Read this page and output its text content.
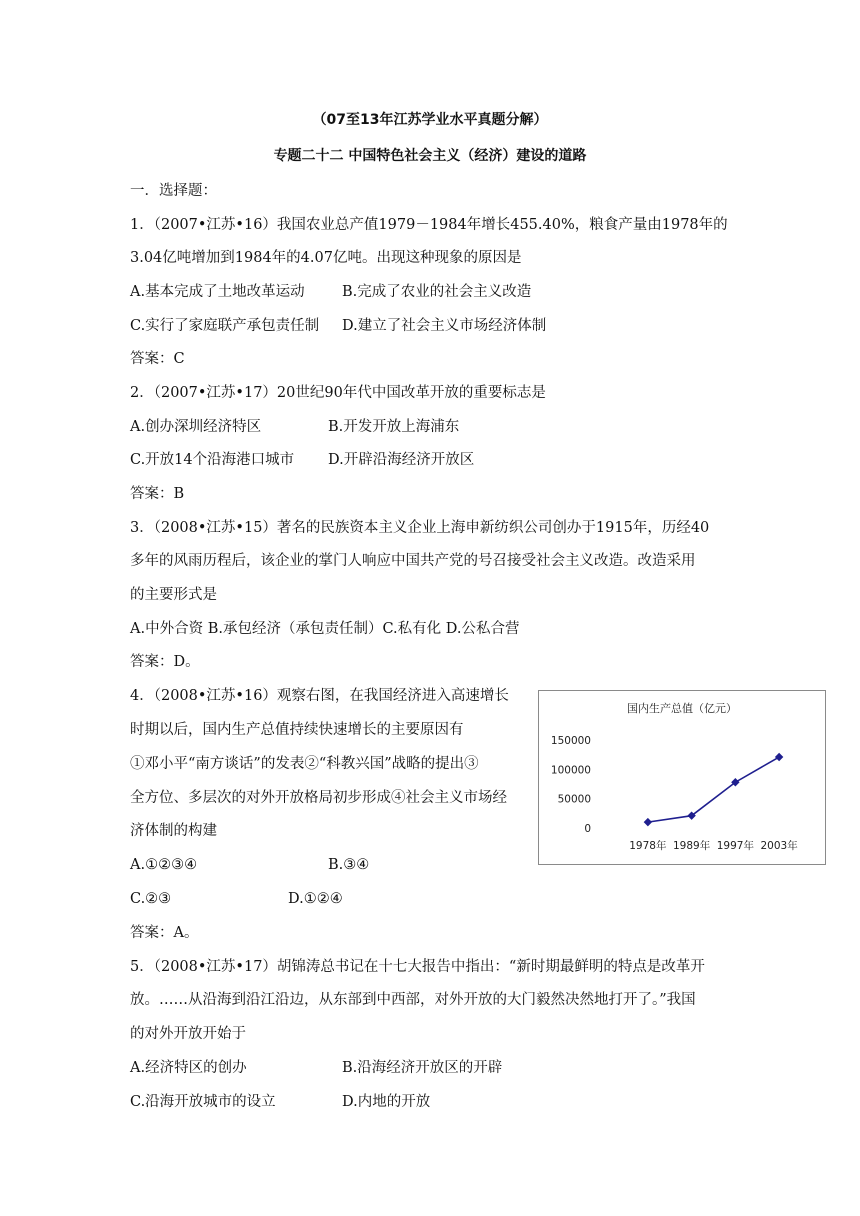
（07至13年江苏学业水平真题分解）
专题二十二 中国特色社会主义（经济）建设的道路
一．选择题：
1．（2007•江苏•16）我国农业总产值1979－1984年增长455.40%，粮食产量由1978年的
3.04亿吨增加到1984年的4.07亿吨。出现这种现象的原因是
A.基本完成了土地改革运动	B.完成了农业的社会主义改造
C.实行了家庭联产承包责任制 D.建立了社会主义市场经济体制
答案：C
2．（2007•江苏•17）20世纪90年代中国改革开放的重要标志是
A.创办深圳经济特区	B.开发开放上海浦东
C.开放14个沿海港口城市 D.开辟沿海经济开放区
答案：B
3．（2008•江苏•15）著名的民族资本主义企业上海申新纺织公司创办于1915年，历经40
多年的风雨历程后，该企业的掌门人响应中国共产党的号召接受社会主义改造。改造采用
的主要形式是
A.中外合资 B.承包经济（承包责任制）C.私有化 D.公私合营
答案：D。
4．（2008•江苏•16）观察右图，在我国经济进入高速增长
时期以后，国内生产总值持续快速增长的主要原因有
①邓小平“南方谈话”的发表②“科教兴国”战略的提出③
全方位、多层次的对外开放格局初步形成④社会主义市场经
济体制的构建
A.①②③④	B.③④
C.②③	D.①②④
答案：A。
国内生产总值（亿元）
150000
100000
50000
0
1978年 1989年 1997年 2003年
5．（2008•江苏•17）胡锦涛总书记在十七大报告中指出：“新时期最鲜明的特点是改革开
放。……从沿海到沿江沿边，从东部到中西部，对外开放的大门毅然决然地打开了。”我国
的对外开放开始于
A.经济特区的创办	B.沿海经济开放区的开辟
C.沿海开放城市的设立	D.内地的开放
